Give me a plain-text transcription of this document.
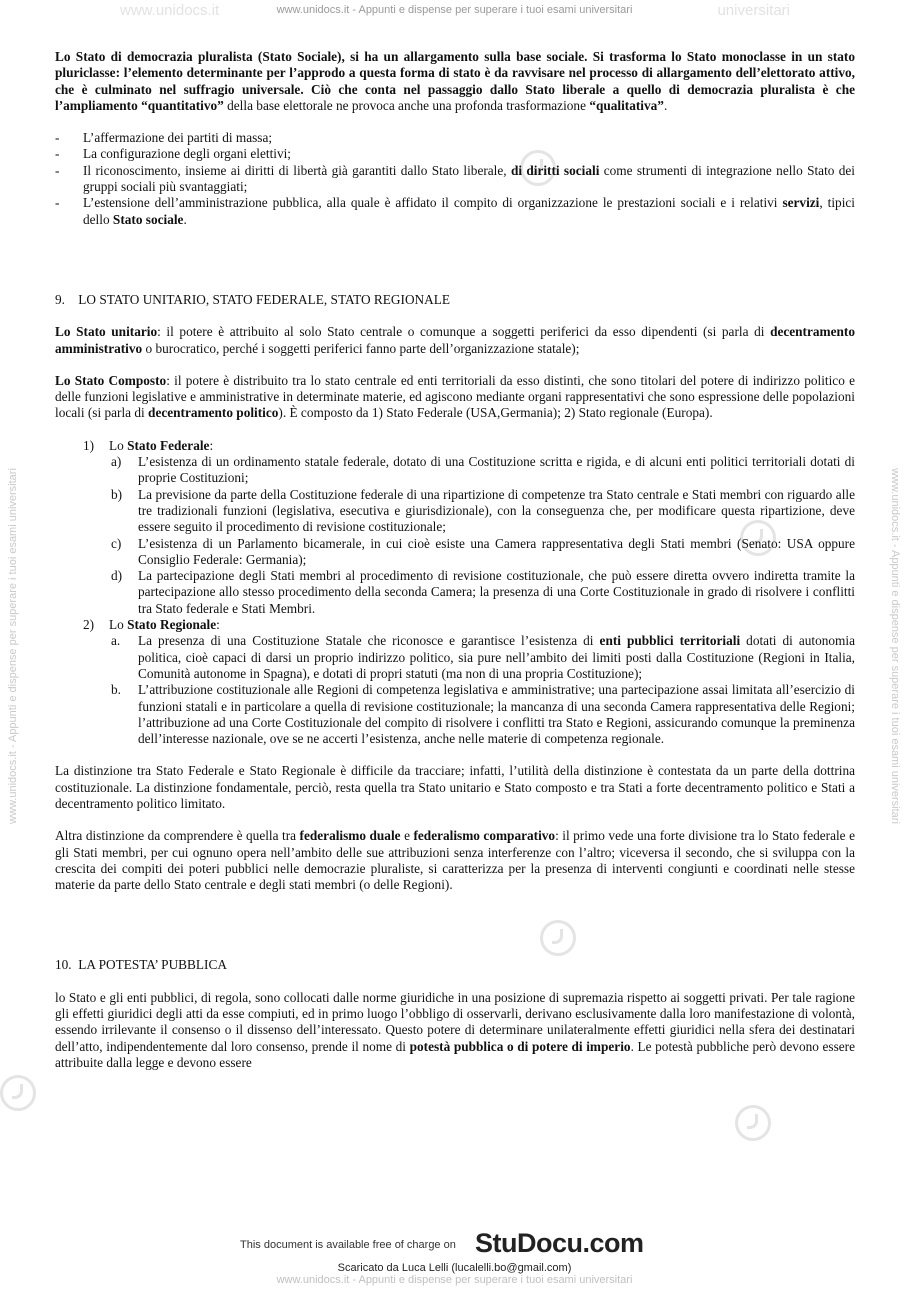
www.unidocs.it	universitari
www.unidocs.it - Appunti e dispense per superare i tuoi esami universitari
www.unidocs.it - Appunti e dispense per superare i tuoi esami universitari	www.unidocs.it - Appunti e dispense per superare i tuoi esami universitari

Lo Stato di democrazia pluralista (Stato Sociale), si ha un allargamento sulla base sociale. Si trasforma lo Stato monoclasse in un stato pluriclasse: l’elemento determinante per l’approdo a questa forma di stato è da ravvisare nel processo di allargamento dell’elettorato attivo, che è culminato nel suffragio universale. Ciò che conta nel passaggio dallo Stato liberale a quello di democrazia pluralista è che l’ampliamento “quantitativo” della base elettorale ne provoca anche una profonda trasformazione “qualitativa”.

- L’affermazione dei partiti di massa;
- La configurazione degli organi elettivi;
- Il riconoscimento, insieme ai diritti di libertà già garantiti dallo Stato liberale, di diritti sociali come strumenti di integrazione nello Stato dei gruppi sociali più svantaggiati;
- L’estensione dell’amministrazione pubblica, alla quale è affidato il compito di organizzazione le prestazioni sociali e i relativi servizi, tipici dello Stato sociale.

9.    LO STATO UNITARIO, STATO FEDERALE, STATO REGIONALE

Lo Stato unitario: il potere è attribuito al solo Stato centrale o comunque a soggetti periferici da esso dipendenti (si parla di decentramento amministrativo o burocratico, perché i soggetti periferici fanno parte dell’organizzazione statale);

Lo Stato Composto: il potere è distribuito tra lo stato centrale ed enti territoriali da esso distinti, che sono titolari del potere di indirizzo politico e delle funzioni legislative e amministrative in determinate materie, ed agiscono mediante organi rappresentativi che sono espressione delle popolazioni locali (si parla di decentramento politico). È composto da 1) Stato Federale (USA,Germania); 2) Stato regionale (Europa).

1) Lo Stato Federale:
a) L’esistenza di un ordinamento statale federale, dotato di una Costituzione scritta e rigida, e di alcuni enti politici territoriali dotati di proprie Costituzioni;
b) La previsione da parte della Costituzione federale di una ripartizione di competenze tra Stato centrale e Stati membri con riguardo alle tre tradizionali funzioni (legislativa, esecutiva e giurisdizionale), con la conseguenza che, per modificare questa ripartizione, deve essere seguito il procedimento di revisione costituzionale;
c) L’esistenza di un Parlamento bicamerale, in cui cioè esiste una Camera rappresentativa degli Stati membri (Senato: USA oppure Consiglio Federale: Germania);
d) La partecipazione degli Stati membri al procedimento di revisione costituzionale, che può essere diretta ovvero indiretta tramite la partecipazione allo stesso procedimento della seconda Camera; la presenza di una Corte Costituzionale in grado di risolvere i conflitti tra Stato federale e Stati Membri.
2) Lo Stato Regionale:
a. La presenza di una Costituzione Statale che riconosce e garantisce l’esistenza di enti pubblici territoriali dotati di autonomia politica, cioè capaci di darsi un proprio indirizzo politico, sia pure nell’ambito dei limiti posti dalla Costituzione (Regioni in Italia, Comunità autonome in Spagna), e dotati di propri statuti (ma non di una propria Costituzione);
b. L’attribuzione costituzionale alle Regioni di competenza legislativa e amministrative; una partecipazione assai limitata all’esercizio di funzioni statali e in particolare a quella di revisione costituzionale; la mancanza di una seconda Camera rappresentativa delle Regioni; l’attribuzione ad una Corte Costituzionale del compito di risolvere i conflitti tra Stato e Regioni, assicurando comunque la preminenza dell’interesse nazionale, ove se ne accerti l’esistenza, anche nelle materie di competenza regionale.

La distinzione tra Stato Federale e Stato Regionale è difficile da tracciare; infatti, l’utilità della distinzione è contestata da un parte della dottrina costituzionale. La distinzione fondamentale, perciò, resta quella tra Stato unitario e Stato composto e tra Stati a forte decentramento politico e Stati a decentramento politico limitato.

Altra distinzione da comprendere è quella tra federalismo duale e federalismo comparativo: il primo vede una forte divisione tra lo Stato federale e gli Stati membri, per cui ognuno opera nell’ambito delle sue attribuzioni senza interferenze con l’altro; viceversa il secondo, che si sviluppa con la crescita dei compiti dei poteri pubblici nelle democrazie pluraliste, si caratterizza per la presenza di interventi congiunti e coordinati nelle stesse materie da parte dello Stato centrale e degli stati membri (o delle Regioni).

10.  LA POTESTA’ PUBBLICA

lo Stato e gli enti pubblici, di regola, sono collocati dalle norme giuridiche in una posizione di supremazia rispetto ai soggetti privati. Per tale ragione gli effetti giuridici degli atti da esse compiuti, ed in primo luogo l’obbligo di osservarli, derivano esclusivamente dalla loro manifestazione di volontà, essendo irrilevante il consenso o il dissenso dell’interessato. Questo potere di determinare unilateralmente effetti giuridici nella sfera dei destinatari dell’atto, indipendentemente dal loro consenso, prende il nome di potestà pubblica o di potere di imperio. Le potestà pubbliche però devono essere attribuite dalla legge e devono essere

This document is available free of charge on StuDocu.com
Scaricato da Luca Lelli (lucalelli.bo@gmail.com)
www.unidocs.it - Appunti e dispense per superare i tuoi esami universitari
